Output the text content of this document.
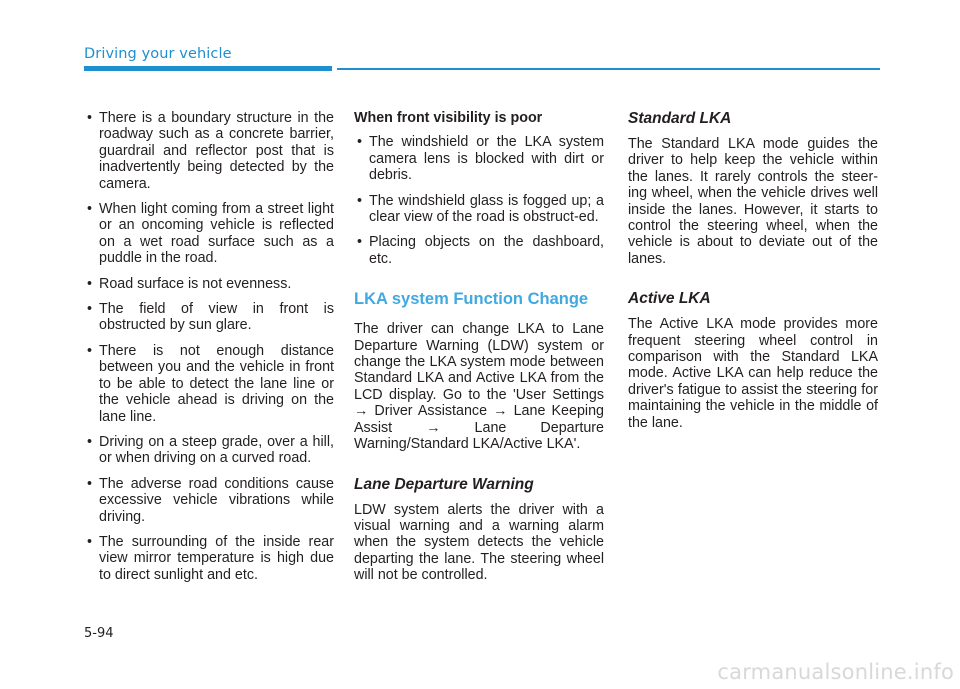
Driving your vehicle
• There is a boundary structure in the roadway such as a concrete barrier, guardrail and reflector post that is inadvertently being detected by the camera.
• When light coming from a street light or an oncoming vehicle is reflected on a wet road surface such as a puddle in the road.
• Road surface is not evenness.
• The field of view in front is obstructed by sun glare.
• There is not enough distance between you and the vehicle in front to be able to detect the lane line or the vehicle ahead is driving on the lane line.
• Driving on a steep grade, over a hill, or when driving on a curved road.
• The adverse road conditions cause excessive vehicle vibrations while driving.
• The surrounding of the inside rear view mirror temperature is high due to direct sunlight and etc.
When front visibility is poor
• The windshield or the LKA system camera lens is blocked with dirt or debris.
• The windshield glass is fogged up; a clear view of the road is obstruct-ed.
• Placing objects on the dashboard, etc.
LKA system Function Change

The driver can change LKA to Lane Departure Warning (LDW) system or change the LKA system mode between Standard LKA and Active LKA from the LCD display. Go to the 'User Settings → Driver Assistance → Lane Keeping Assist → Lane Departure Warning/Standard LKA/Active LKA'.

Lane Departure Warning

LDW system alerts the driver with a visual warning and a warning alarm when the system detects the vehicle departing the lane. The steering wheel will not be controlled.

Standard LKA

The Standard LKA mode guides the driver to help keep the vehicle within the lanes. It rarely controls the steer-ing wheel, when the vehicle drives well inside the lanes. However, it starts to control the steering wheel, when the vehicle is about to deviate out of the lanes.

Active LKA

The Active LKA mode provides more frequent steering wheel control in comparison with the Standard LKA mode. Active LKA can help reduce the driver's fatigue to assist the steering for maintaining the vehicle in the middle of the lane.

5-94
carmanualsonline.info
